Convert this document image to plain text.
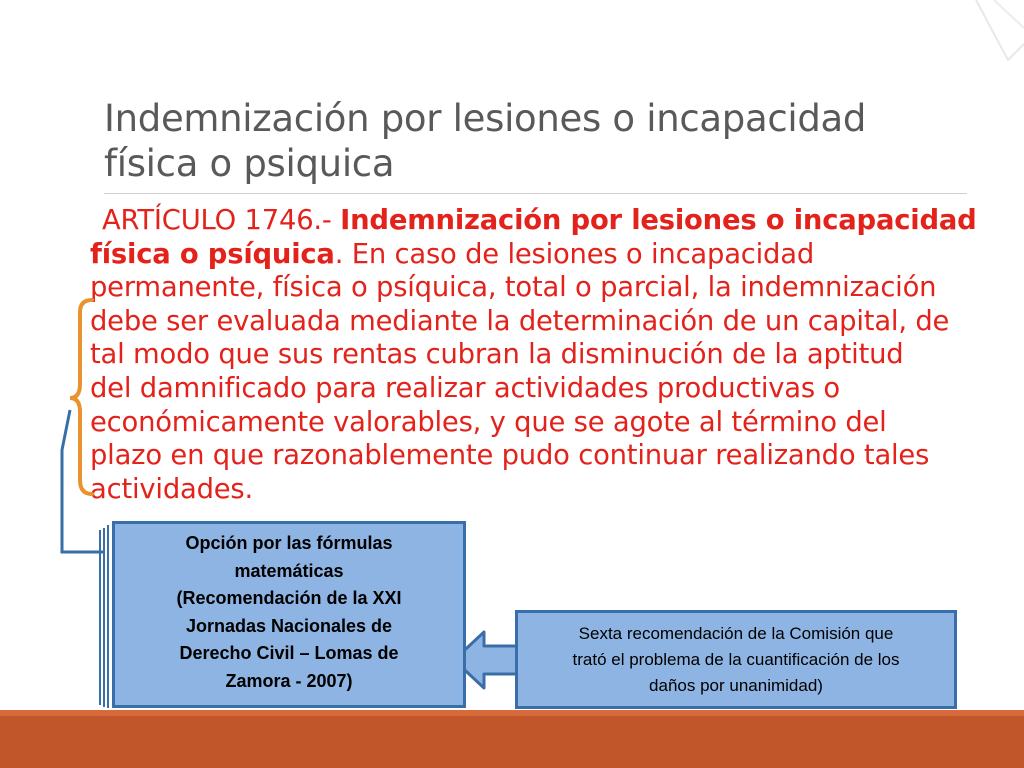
Indemnización por lesiones o incapacidad
física o psiquica
ARTÍCULO 1746.- Indemnización por lesiones o incapacidad
física o psíquica. En caso de lesiones o incapacidad
permanente, física o psíquica, total o parcial, la indemnización
debe ser evaluada mediante la determinación de un capital, de
tal modo que sus rentas cubran la disminución de la aptitud
del damnificado para realizar actividades productivas o
económicamente valorables, y que se agote al término del
plazo en que razonablemente pudo continuar realizando tales
actividades.
Opción por las fórmulas
matemáticas
(Recomendación de la XXI
Jornadas Nacionales de
Derecho Civil – Lomas de
Zamora - 2007)
Sexta recomendación de la Comisión que
trató el problema de la cuantificación de los
daños por unanimidad)
